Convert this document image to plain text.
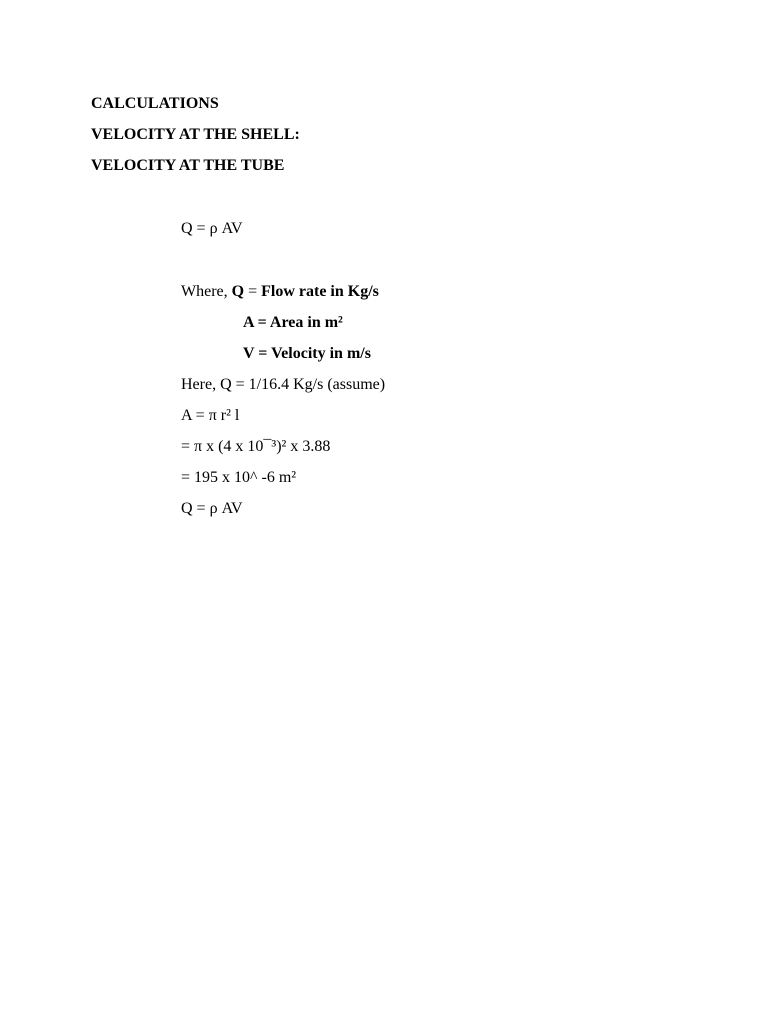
CALCULATIONS
VELOCITY AT THE SHELL:
VELOCITY AT THE TUBE
Q = ρ AV
Where, Q = Flow rate in Kg/s
A = Area in m²
V = Velocity in m/s
Here, Q = 1/16.4 Kg/s (assume)
A = π r² l
= π x (4 x 10¯³)² x 3.88
= 195 x 10^ -6 m²
Q = ρ AV
